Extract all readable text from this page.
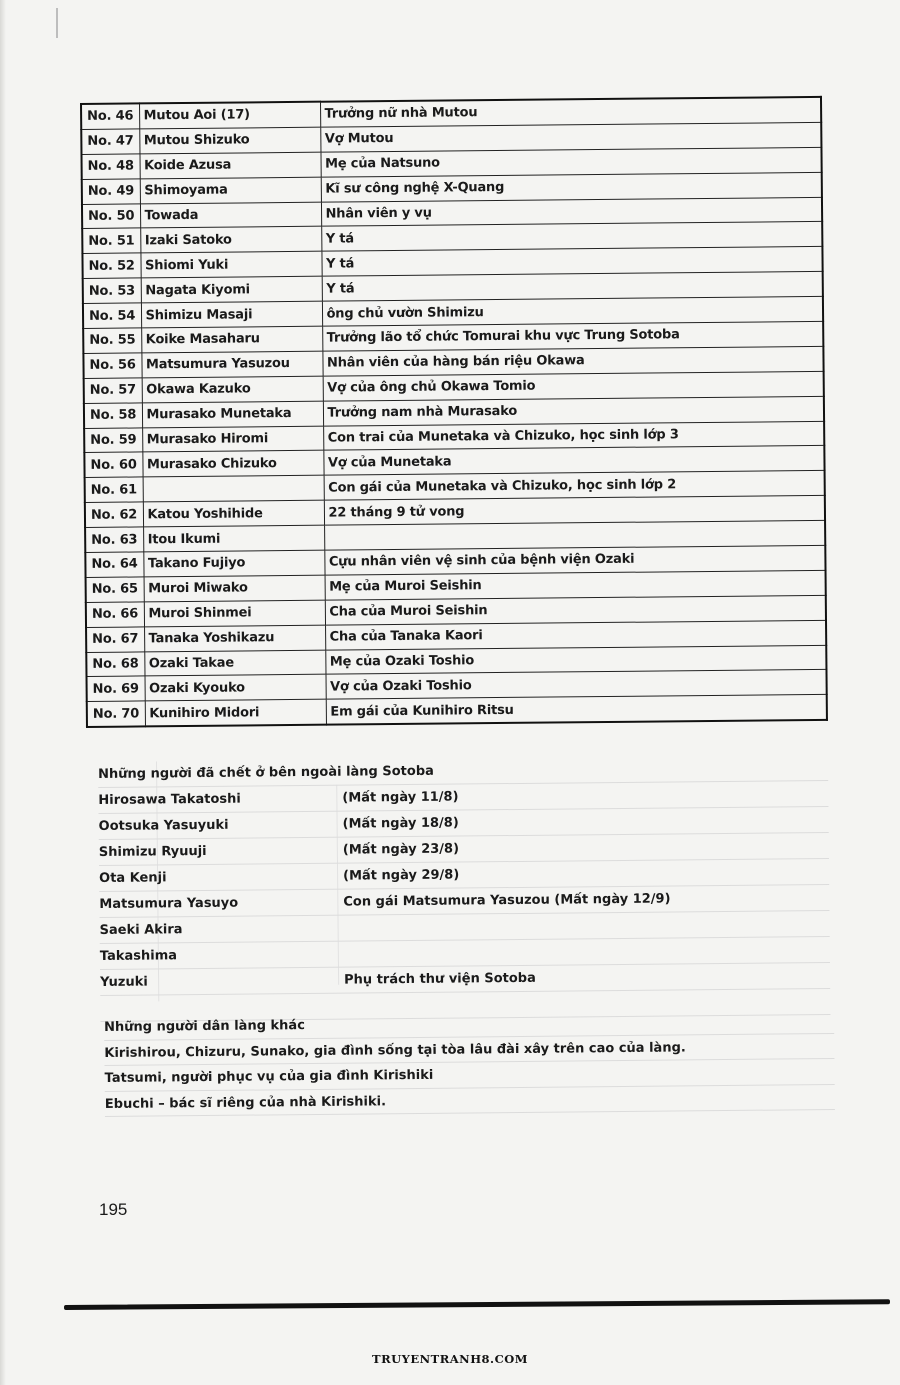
No. 46	Mutou Aoi (17)	Trưởng nữ nhà Mutou
No. 47	Mutou Shizuko	Vợ Mutou
No. 48	Koide Azusa	Mẹ của Natsuno
No. 49	Shimoyama	Kĩ sư công nghệ X-Quang
No. 50	Towada	Nhân viên y vụ
No. 51	Izaki Satoko	Y tá
No. 52	Shiomi Yuki	Y tá
No. 53	Nagata Kiyomi	Y tá
No. 54	Shimizu Masaji	ông chủ vườn Shimizu
No. 55	Koike Masaharu	Trưởng lão tổ chức Tomurai khu vực Trung Sotoba
No. 56	Matsumura Yasuzou	Nhân viên của hàng bán riệu Okawa
No. 57	Okawa Kazuko	Vợ của ông chủ Okawa Tomio
No. 58	Murasako Munetaka	Trưởng nam nhà Murasako
No. 59	Murasako Hiromi	Con trai của Munetaka và Chizuko, học sinh lớp 3
No. 60	Murasako Chizuko	Vợ của Munetaka
No. 61		Con gái của Munetaka và Chizuko, học sinh lớp 2
No. 62	Katou Yoshihide	22 tháng 9 tử vong
No. 63	Itou Ikumi	
No. 64	Takano Fujiyo	Cựu nhân viên vệ sinh của bệnh viện Ozaki
No. 65	Muroi Miwako	Mẹ của Muroi Seishin
No. 66	Muroi Shinmei	Cha của Muroi Seishin
No. 67	Tanaka Yoshikazu	Cha của Tanaka Kaori
No. 68	Ozaki Takae	Mẹ của Ozaki Toshio
No. 69	Ozaki Kyouko	Vợ của Ozaki Toshio
No. 70	Kunihiro Midori	Em gái của Kunihiro Ritsu
Những người đã chết ở bên ngoài làng Sotoba
Hirosawa Takatoshi	(Mất ngày 11/8)
Ootsuka Yasuyuki	(Mất ngày 18/8)
Shimizu Ryuuji	(Mất ngày 23/8)
Ota Kenji	(Mất ngày 29/8)
Matsumura Yasuyo	Con gái Matsumura Yasuzou (Mất ngày 12/9)
Saeki Akira
Takashima
Yuzuki	Phụ trách thư viện Sotoba
Những người dân làng khác
Kirishirou, Chizuru, Sunako, gia đình sống tại tòa lâu đài xây trên cao của làng.
Tatsumi, người phục vụ của gia đình Kirishiki
Ebuchi – bác sĩ riêng của nhà Kirishiki.
195
TRUYENTRANH8.COM
